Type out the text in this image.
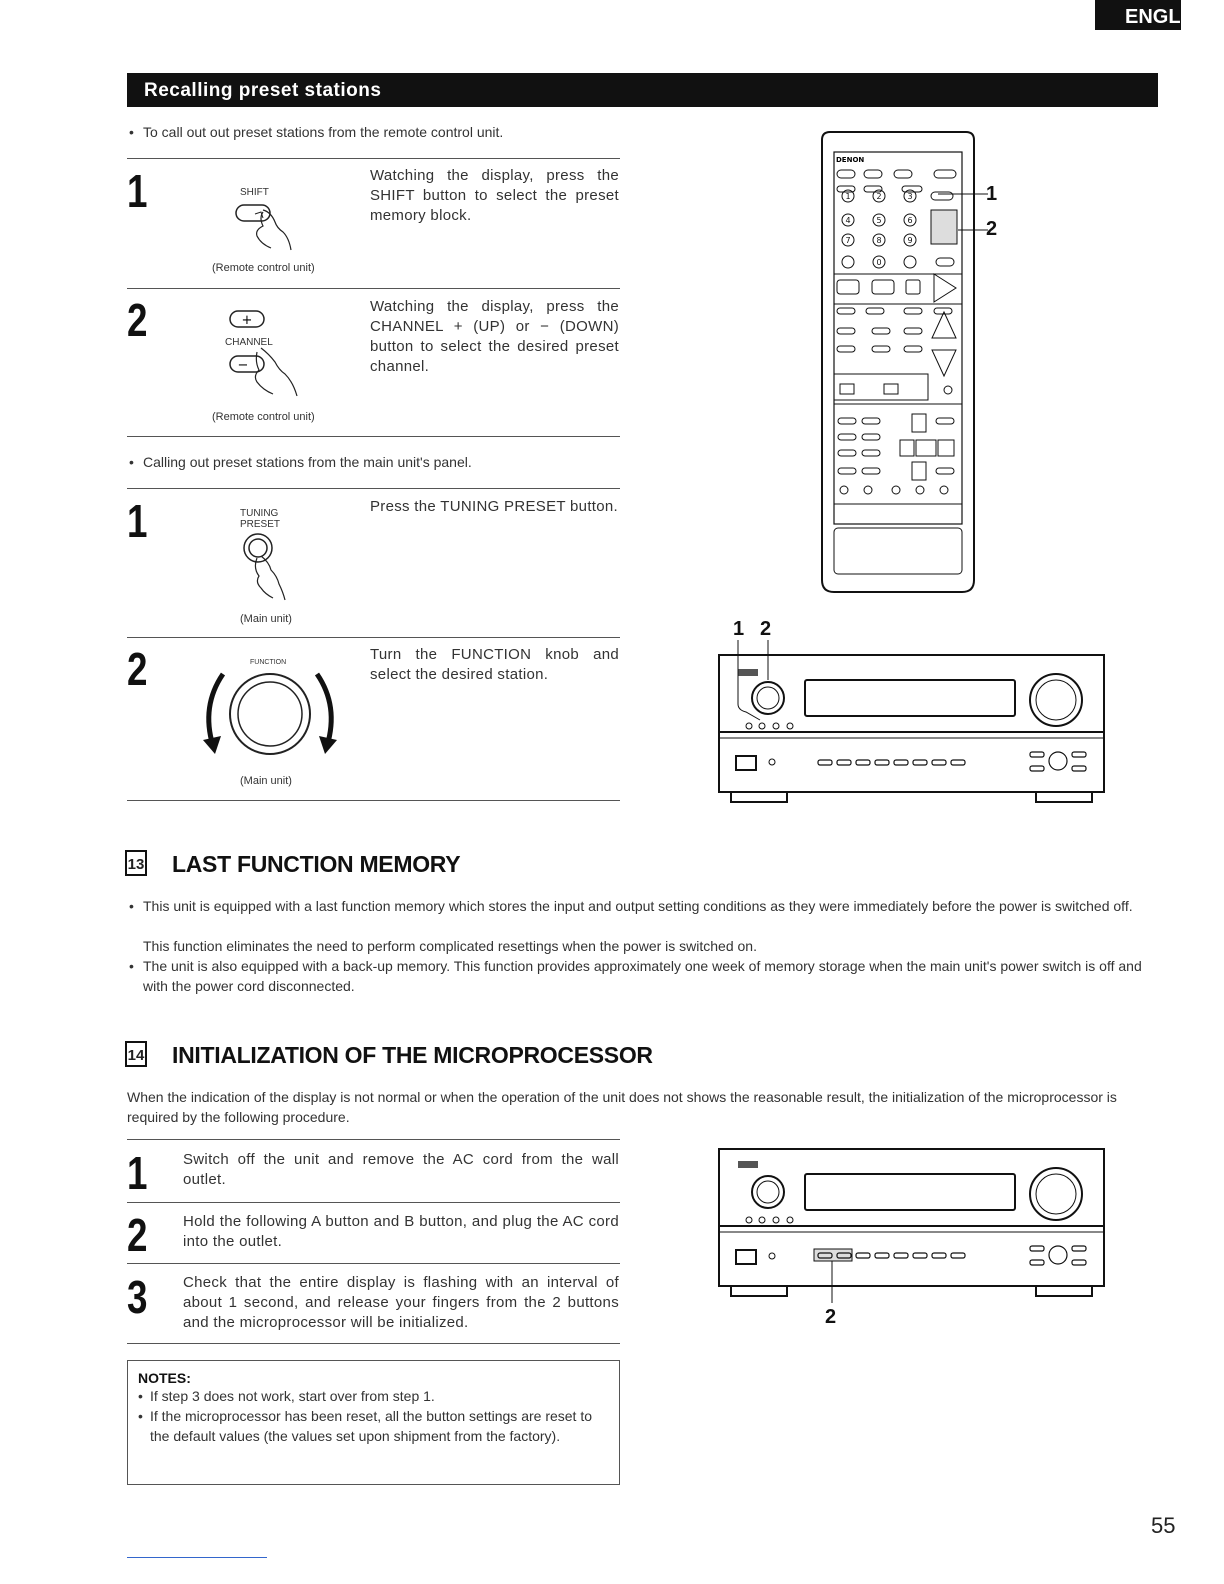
ENGL
Recalling preset stations
• To call out out preset stations from the remote control unit.
1	SHIFT
(Remote control unit)
Watching the display, press the SHIFT button to select the preset memory block.
2	+
−
CHANNEL
(Remote control unit)
Watching the display, press the CHANNEL + (UP) or − (DOWN) button to select the desired preset channel.
• Calling out preset stations from the main unit's panel.
1	TUNING
PRESET
(Main unit)
Press the TUNING PRESET button.
2	FUNCTION
(Main unit)
Turn the FUNCTION knob and select the desired station.
DENON
1	2	3
4	5	6
7	8	9
0
1
2
1 2
13 LAST FUNCTION MEMORY
• This unit is equipped with a last function memory which stores the input and output setting conditions as they were immediately before the power is switched off.
This function eliminates the need to perform complicated resettings when the power is switched on.
• The unit is also equipped with a back-up memory. This function provides approximately one week of memory storage when the main unit's power switch is off and with the power cord disconnected.
14 INITIALIZATION OF THE MICROPROCESSOR
When the indication of the display is not normal or when the operation of the unit does not shows the reasonable result, the initialization of the microprocessor is required by the following procedure.
1 Switch off the unit and remove the AC cord from the wall outlet.
2 Hold the following A button and B button, and plug the AC cord into the outlet.
3 Check that the entire display is flashing with an interval of about 1 second, and release your fingers from the 2 buttons and the microprocessor will be initialized.	2
NOTES:
• If step 3 does not work, start over from step 1.
• If the microprocessor has been reset, all the button settings are reset to the default values (the values set upon shipment from the factory).
55
